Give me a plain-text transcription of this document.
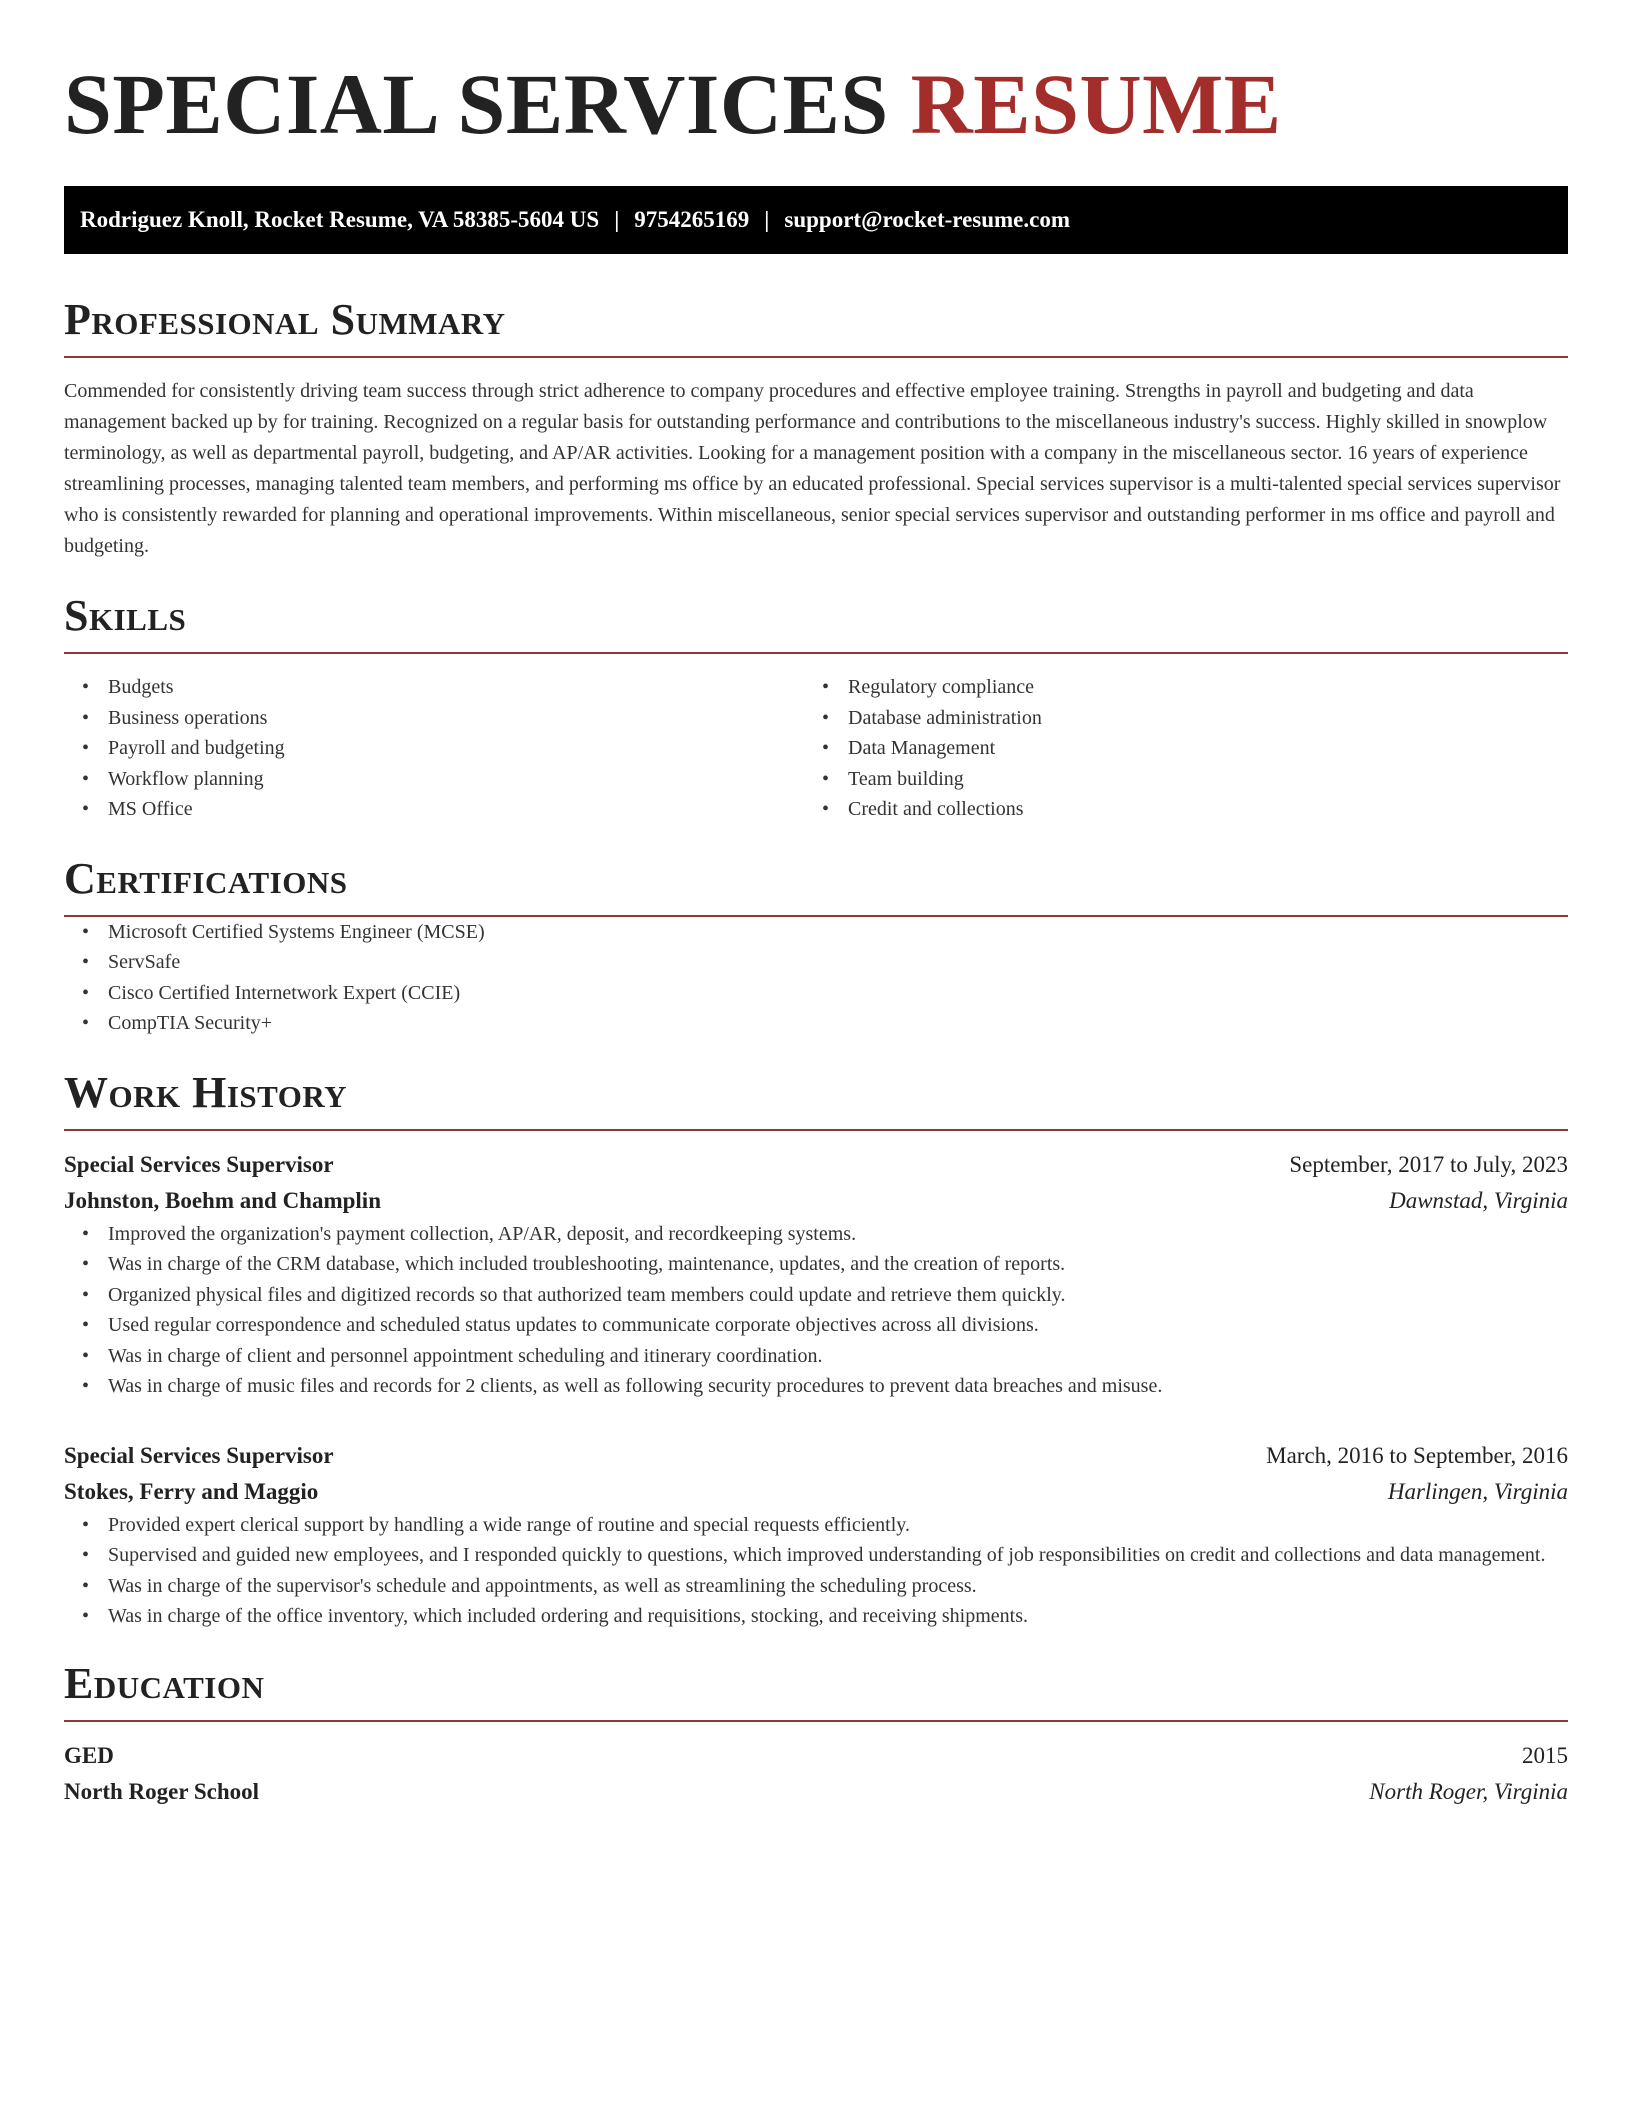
SPECIAL SERVICES RESUME
Rodriguez Knoll, Rocket Resume, VA 58385-5604 US | 9754265169 | support@rocket-resume.com
Professional Summary

Commended for consistently driving team success through strict adherence to company procedures and effective employee training. Strengths in payroll and budgeting and data management backed up by for training. Recognized on a regular basis for outstanding performance and contributions to the miscellaneous industry's success. Highly skilled in snowplow terminology, as well as departmental payroll, budgeting, and AP/AR activities. Looking for a management position with a company in the miscellaneous sector. 16 years of experience streamlining processes, managing talented team members, and performing ms office by an educated professional. Special services supervisor is a multi-talented special services supervisor who is consistently rewarded for planning and operational improvements. Within miscellaneous, senior special services supervisor and outstanding performer in ms office and payroll and budgeting.

Skills
• Budgets
• Business operations
• Payroll and budgeting
• Workflow planning
• MS Office
• Regulatory compliance
• Database administration
• Data Management
• Team building
• Credit and collections
Certifications
• Microsoft Certified Systems Engineer (MCSE)
• ServSafe
• Cisco Certified Internetwork Expert (CCIE)
• CompTIA Security+
Work History
Special Services Supervisor	September, 2017 to July, 2023
Johnston, Boehm and Champlin	Dawnstad, Virginia
• Improved the organization's payment collection, AP/AR, deposit, and recordkeeping systems.
• Was in charge of the CRM database, which included troubleshooting, maintenance, updates, and the creation of reports.
• Organized physical files and digitized records so that authorized team members could update and retrieve them quickly.
• Used regular correspondence and scheduled status updates to communicate corporate objectives across all divisions.
• Was in charge of client and personnel appointment scheduling and itinerary coordination.
• Was in charge of music files and records for 2 clients, as well as following security procedures to prevent data breaches and misuse.
Special Services Supervisor	March, 2016 to September, 2016
Stokes, Ferry and Maggio	Harlingen, Virginia
• Provided expert clerical support by handling a wide range of routine and special requests efficiently.
• Supervised and guided new employees, and I responded quickly to questions, which improved understanding of job responsibilities on credit and collections and data management.
• Was in charge of the supervisor's schedule and appointments, as well as streamlining the scheduling process.
• Was in charge of the office inventory, which included ordering and requisitions, stocking, and receiving shipments.
Education
GED	2015
North Roger School	North Roger, Virginia
